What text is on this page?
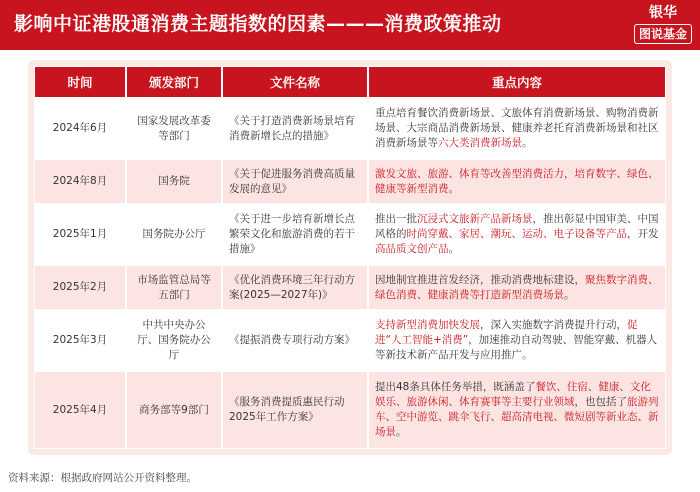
影响中证港股通消费主题指数的因素———消费政策推动	银华
图说基金
时间	颁发部门	文件名称	重点内容
2024年6月	国家发展改革委等部门	《关于打造消费新场景培育消费新增长点的措施》	重点培育餐饮消费新场景、文旅体育消费新场景、购物消费新场景、大宗商品消费新场景、健康养老托育消费新场景和社区消费新场景等六大类消费新场景。
2024年8月	国务院	《关于促进服务消费高质量发展的意见》	激发文旅、旅游、体育等改善型消费活力，培育数字、绿色、健康等新型消费。
2025年1月	国务院办公厅	《关于进一步培育新增长点繁荣文化和旅游消费的若干措施》	推出一批沉浸式文旅新产品新场景，推出彰显中国审美、中国风格的时尚穿戴、家居、潮玩、运动、电子设备等产品，开发高品质文创产品。
2025年2月	市场监管总局等五部门	《优化消费环境三年行动方案(2025—2027年)》	因地制宜推进首发经济，推动消费地标建设，聚焦数字消费、绿色消费、健康消费等打造新型消费场景。
2025年3月	中共中央办公厅、国务院办公厅	《提振消费专项行动方案》	支持新型消费加快发展，深入实施数字消费提升行动，促进“人工智能+消费”，加速推动自动驾驶、智能穿戴、机器人等新技术新产品开发与应用推广。
2025年4月	商务部等9部门	《服务消费提质惠民行动2025年工作方案》	提出48条具体任务举措，既涵盖了餐饮、住宿、健康、文化娱乐、旅游休闲、体育赛事等主要行业领域，也包括了旅游列车、空中游览、跳伞飞行、超高清电视、微短剧等新业态、新场景。
资料来源：根据政府网站公开资料整理。
